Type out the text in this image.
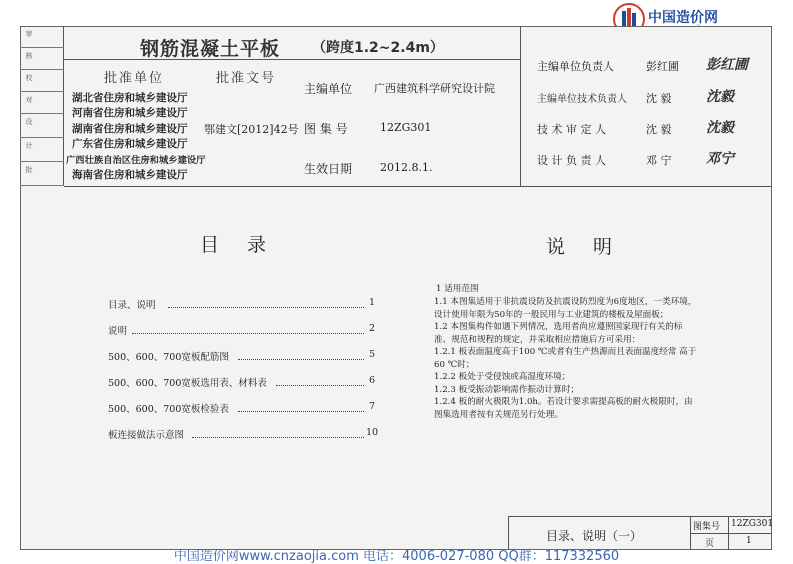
中国造价网
审
核
校
对
设
计
批
钢筋混凝土平板 （跨度1.2~2.4m）
批准单位	批准文号
湖北省住房和城乡建设厅
河南省住房和城乡建设厅
湖南省住房和城乡建设厅
广东省住房和城乡建设厅
广西壮族自治区住房和城乡建设厅
海南省住房和城乡建设厅
鄂建文[2012]42号
主编单位 广西建筑科学研究设计院
图 集 号	12ZG301
生效日期	2012.8.1.
主编单位负责人	彭红圃 彭红圃
主编单位技术负责人 沈 毅 沈毅
技 术 审 定 人	沈 毅 沈毅
设 计 负 责 人	邓 宁 邓宁
目录	说明
目录、说明	1
说明	2
500、600、700宽板配筋图	5
500、600、700宽板选用表、材料表	6
500、600、700宽板检验表	7
板连接做法示意图	10
1 适用范围
1.1 本图集适用于非抗震设防及抗震设防烈度为6度地区，一类环境，
设计使用年限为50年的一般民用与工业建筑的楼板及屋面板；
1.2 本图集构件如遇下列情况，选用者尚应遵照国家现行有关的标
准、规范和规程的规定，并采取相应措施后方可采用：
1.2.1 板表面温度高于100 ℃或者有生产热源而且表面温度经常 高于
60 ℃时；
1.2.2 板处于受侵蚀或高湿度环境；
1.2.3 板受振动影响需作振动计算时；
1.2.4 板的耐火极限为1.0h。若设计要求需提高板的耐火极限时，由
图集选用者按有关规范另行处理。
目录、说明（一）
图集号 12ZG301
页	1
中国造价网www.cnzaojia.com 电话：4006-027-080 QQ群：117332560
